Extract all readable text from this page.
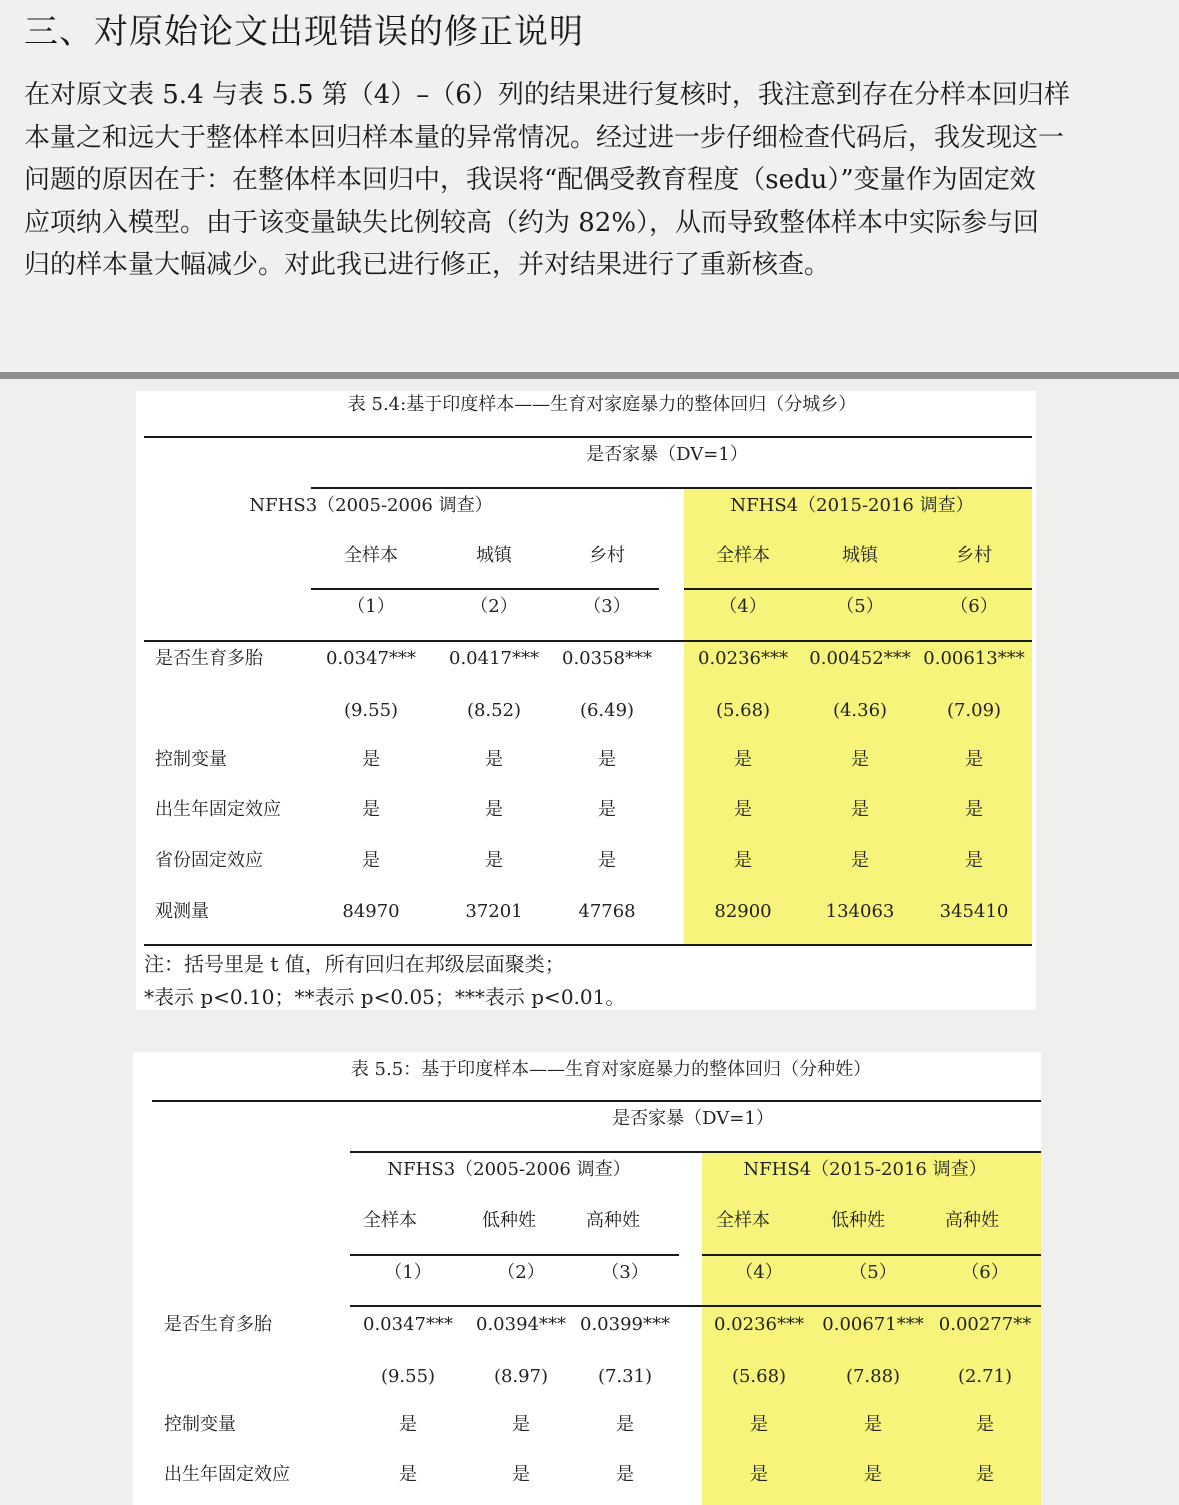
三、对原始论文出现错误的修正说明
在对原文表 5.4 与表 5.5 第（4）–（6）列的结果进行复核时，我注意到存在分样本回归样
本量之和远大于整体样本回归样本量的异常情况。经过进一步仔细检查代码后，我发现这一
问题的原因在于：在整体样本回归中，我误将“配偶受教育程度（sedu）”变量作为固定效
应项纳入模型。由于该变量缺失比例较高（约为 82%），从而导致整体样本中实际参与回
归的样本量大幅减少。对此我已进行修正，并对结果进行了重新核查。
表 5.4:基于印度样本——生育对家庭暴力的整体回归（分城乡）
是否家暴（DV=1）
NFHS3（2005-2006 调查）	NFHS4（2015-2016 调查）
全样本	城镇	乡村	全样本	城镇	乡村
（1）	（2）	（3）	（4）	（5）	（6）
是否生育多胎	0.0347*** 0.0417*** 0.0358***	0.0236*** 0.00452*** 0.00613***
(9.55)	(8.52)	(6.49)	(5.68)	(4.36)	(7.09)
控制变量	是	是	是	是	是	是
出生年固定效应	是	是	是	是	是	是
省份固定效应	是	是	是	是	是	是
观测量	84970	37201	47768	82900	134063	345410
注：括号里是 t 值，所有回归在邦级层面聚类；
*表示 p<0.10；**表示 p<0.05；***表示 p<0.01。
表 5.5：基于印度样本——生育对家庭暴力的整体回归（分种姓）
是否家暴（DV=1）
NFHS3（2005-2006 调查）	NFHS4（2015-2016 调查）
全样本	低种姓	高种姓	全样本	低种姓	高种姓
（1）	（2）	（3）	（4）	（5）	（6）
是否生育多胎	0.0347*** 0.0394*** 0.0399*** 0.0236*** 0.00671*** 0.00277**
(9.55)	(8.97)	(7.31)	(5.68)	(7.88)	(2.71)
控制变量	是	是	是	是	是	是
出生年固定效应	是	是	是	是	是	是
